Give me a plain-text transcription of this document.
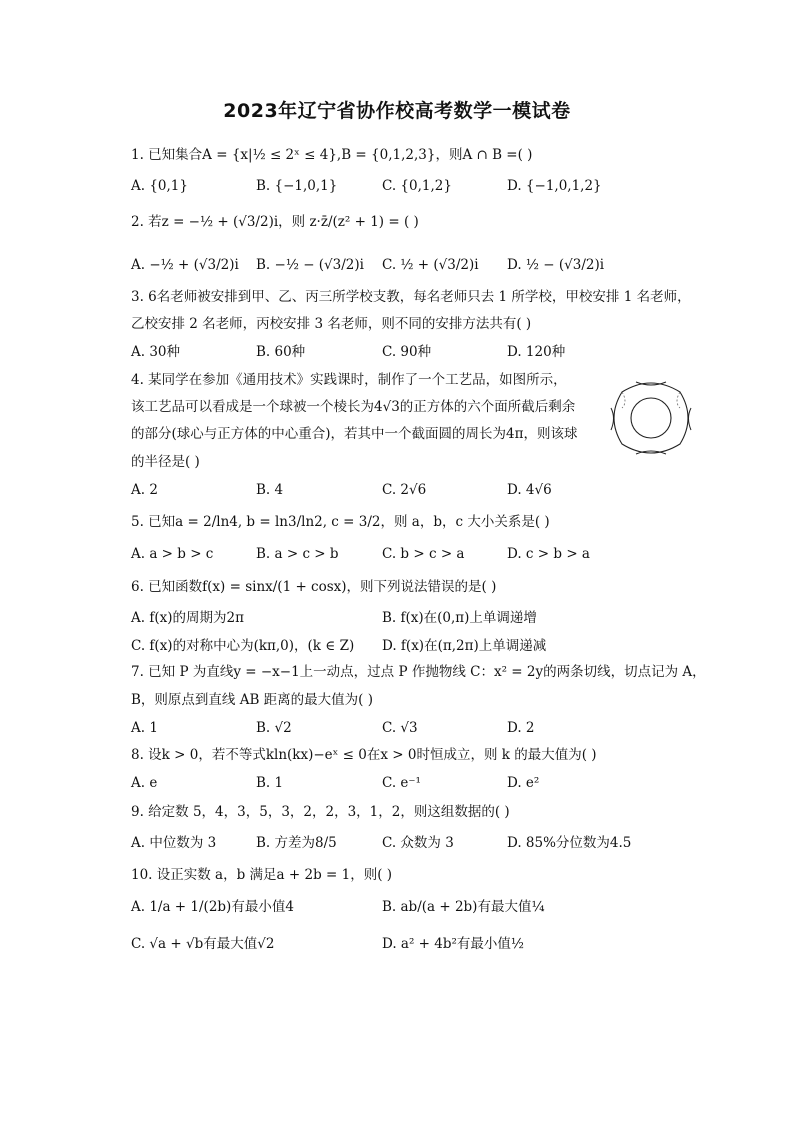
2023年辽宁省协作校高考数学一模试卷
1. 已知集合A = {x|½ ≤ 2ˣ ≤ 4},B = {0,1,2,3}，则A ∩ B =( )
A. {0,1}	B. {−1,0,1}	C. {0,1,2}	D. {−1,0,1,2}
2. 若z = −½ + (√3/2)i，则 z·z̄/(z² + 1) = ( )
A. −½ + (√3/2)i B. −½ − (√3/2)i C. ½ + (√3/2)i D. ½ − (√3/2)i
3. 6名老师被安排到甲、乙、丙三所学校支教，每名老师只去 1 所学校，甲校安排 1 名老师，
乙校安排 2 名老师，丙校安排 3 名老师，则不同的安排方法共有( )
A. 30种	B. 60种	C. 90种	D. 120种
4. 某同学在参加《通用技术》实践课时，制作了一个工艺品，如图所示，
该工艺品可以看成是一个球被一个棱长为4√3的正方体的六个面所截后剩余
的部分(球心与正方体的中心重合)，若其中一个截面圆的周长为4π，则该球
的半径是( )
A. 2	B. 4	C. 2√6	D. 4√6
5. 已知a = 2/ln4, b = ln3/ln2, c = 3/2，则 a，b，c 大小关系是( )
A. a > b > c	B. a > c > b	C. b > c > a	D. c > b > a
6. 已知函数f(x) = sinx/(1 + cosx)，则下列说法错误的是( )
A. f(x)的周期为2π	B. f(x)在(0,π)上单调递增
C. f(x)的对称中心为(kπ,0)，(k ∈ Z) D. f(x)在(π,2π)上单调递减
7. 已知 P 为直线y = −x−1上一动点，过点 P 作抛物线 C：x² = 2y的两条切线，切点记为 A，
B，则原点到直线 AB 距离的最大值为( )
A. 1	B. √2	C. √3	D. 2
8. 设k > 0，若不等式kln(kx)−eˣ ≤ 0在x > 0时恒成立，则 k 的最大值为( )
A. e	B. 1	C. e⁻¹	D. e²
9. 给定数 5，4，3，5，3，2，2，3，1，2，则这组数据的( )
A. 中位数为 3	B. 方差为8/5	C. 众数为 3	D. 85%分位数为4.5
10. 设正实数 a，b 满足a + 2b = 1，则( )
A. 1/a + 1/(2b)有最小值4	B. ab/(a + 2b)有最大值¼
C. √a + √b有最大值√2	D. a² + 4b²有最小值½
